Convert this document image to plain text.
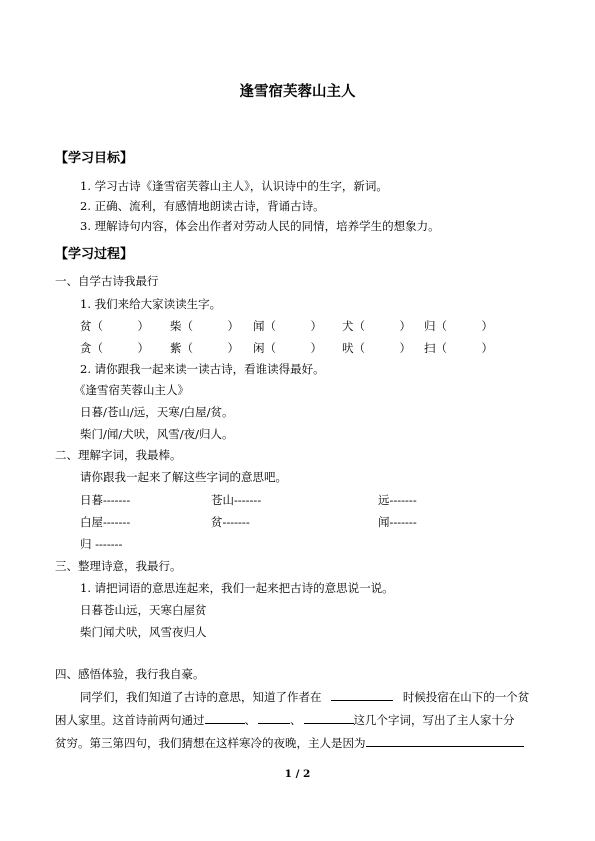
逢雪宿芙蓉山主人
【学习目标】
1. 学习古诗《逢雪宿芙蓉山主人》，认识诗中的生字，新词。
2. 正确、流利，有感情地朗读古诗，背诵古诗。
3. 理解诗句内容，体会出作者对劳动人民的同情，培养学生的想象力。
【学习过程】
一、自学古诗我最行
1. 我们来给大家读读生字。
贫（　　　） 柴（　　　） 闻（　　　） 犬（　　　） 归（　　　）
贪（　　　） 紫（　　　） 闲（　　　） 吠（　　　） 扫（　　　）
2. 请你跟我一起来读一读古诗，看谁读得最好。
《逢雪宿芙蓉山主人》
日暮/苍山/远，天寒/白屋/贫。
柴门/闻/犬吠，风雪/夜/归人。
二、理解字词，我最棒。
请你跟我一起来了解这些字词的意思吧。
日暮-------	苍山-------	远-------
白屋-------	贫-------	闻-------
归 -------
三、整理诗意，我最行。
1. 请把词语的意思连起来，我们一起来把古诗的意思说一说。
日暮苍山远，天寒白屋贫
柴门闻犬吠，风雪夜归人
四、感悟体验，我行我自豪。
同学们，我们知道了古诗的意思，知道了作者在	时候投宿在山下的一个贫
困人家里。这首诗前两句通过	、	、	这几个字词，写出了主人家十分
贫穷。第三第四句，我们猜想在这样寒冷的夜晚，主人是因为
1 / 2
